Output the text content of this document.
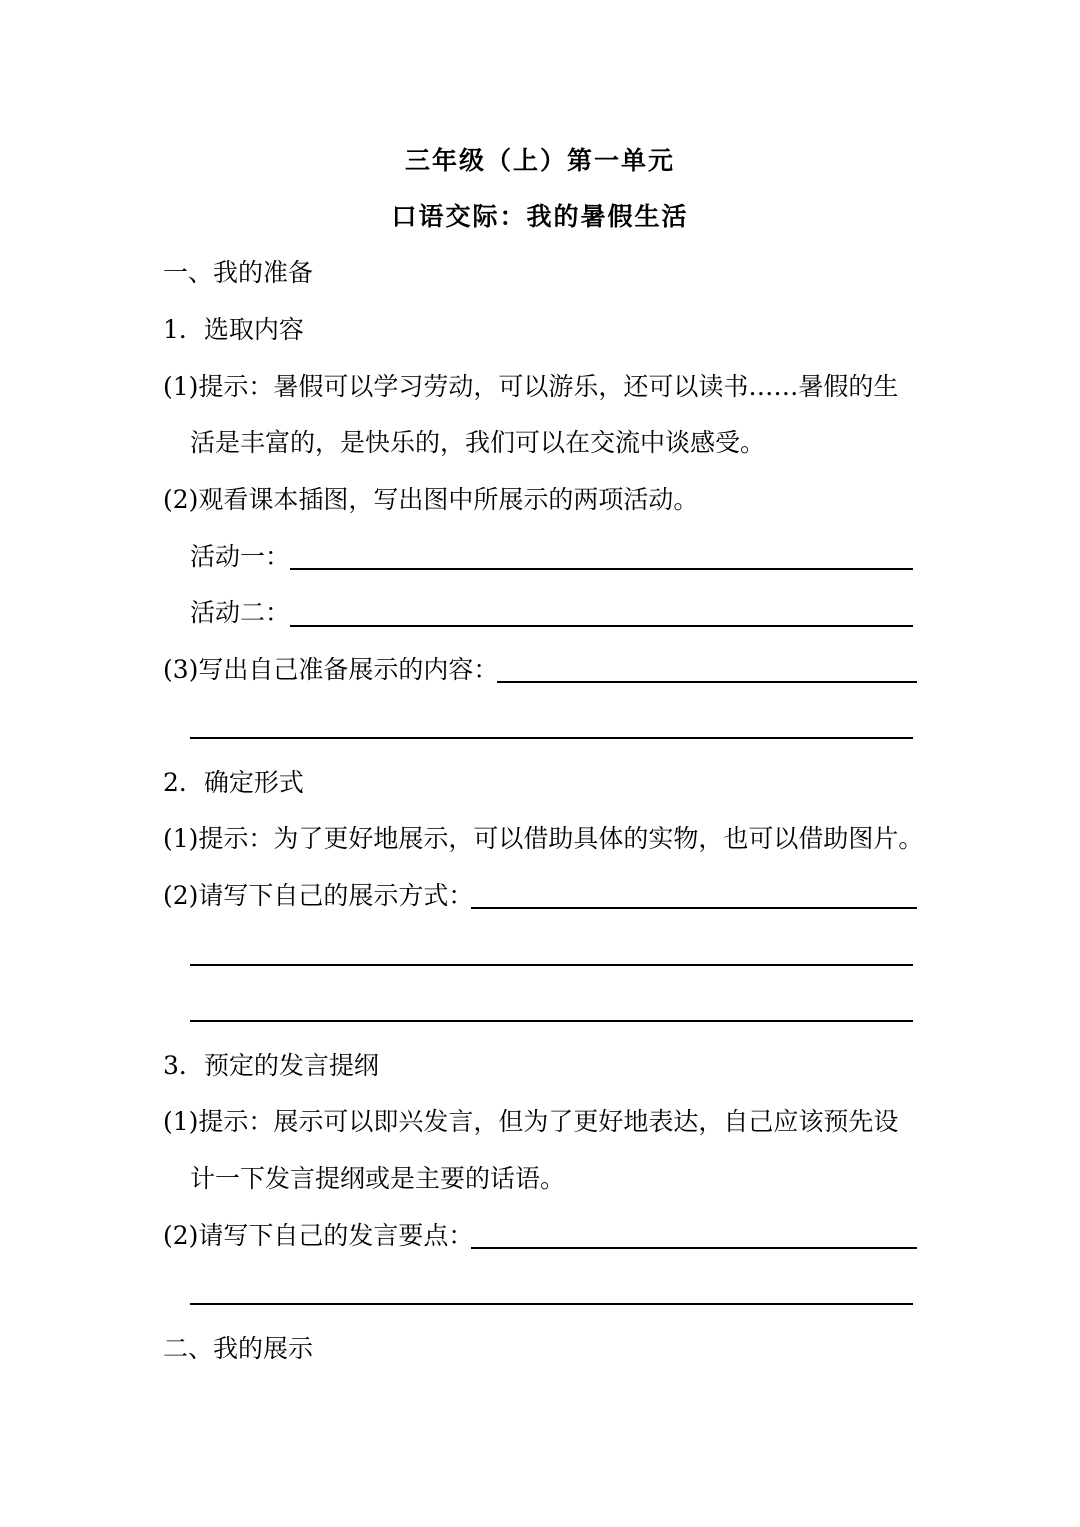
三年级（上）第一单元
口语交际：我的暑假生活
一、我的准备
1．选取内容
(1)提示：暑假可以学习劳动，可以游乐，还可以读书……暑假的生
活是丰富的，是快乐的，我们可以在交流中谈感受。
(2)观看课本插图，写出图中所展示的两项活动。
活动一：
活动二：
(3)写出自己准备展示的内容：
2．确定形式
(1)提示：为了更好地展示，可以借助具体的实物，也可以借助图片。
(2)请写下自己的展示方式：
3．预定的发言提纲
(1)提示：展示可以即兴发言，但为了更好地表达，自己应该预先设
计一下发言提纲或是主要的话语。
(2)请写下自己的发言要点：
二、我的展示
